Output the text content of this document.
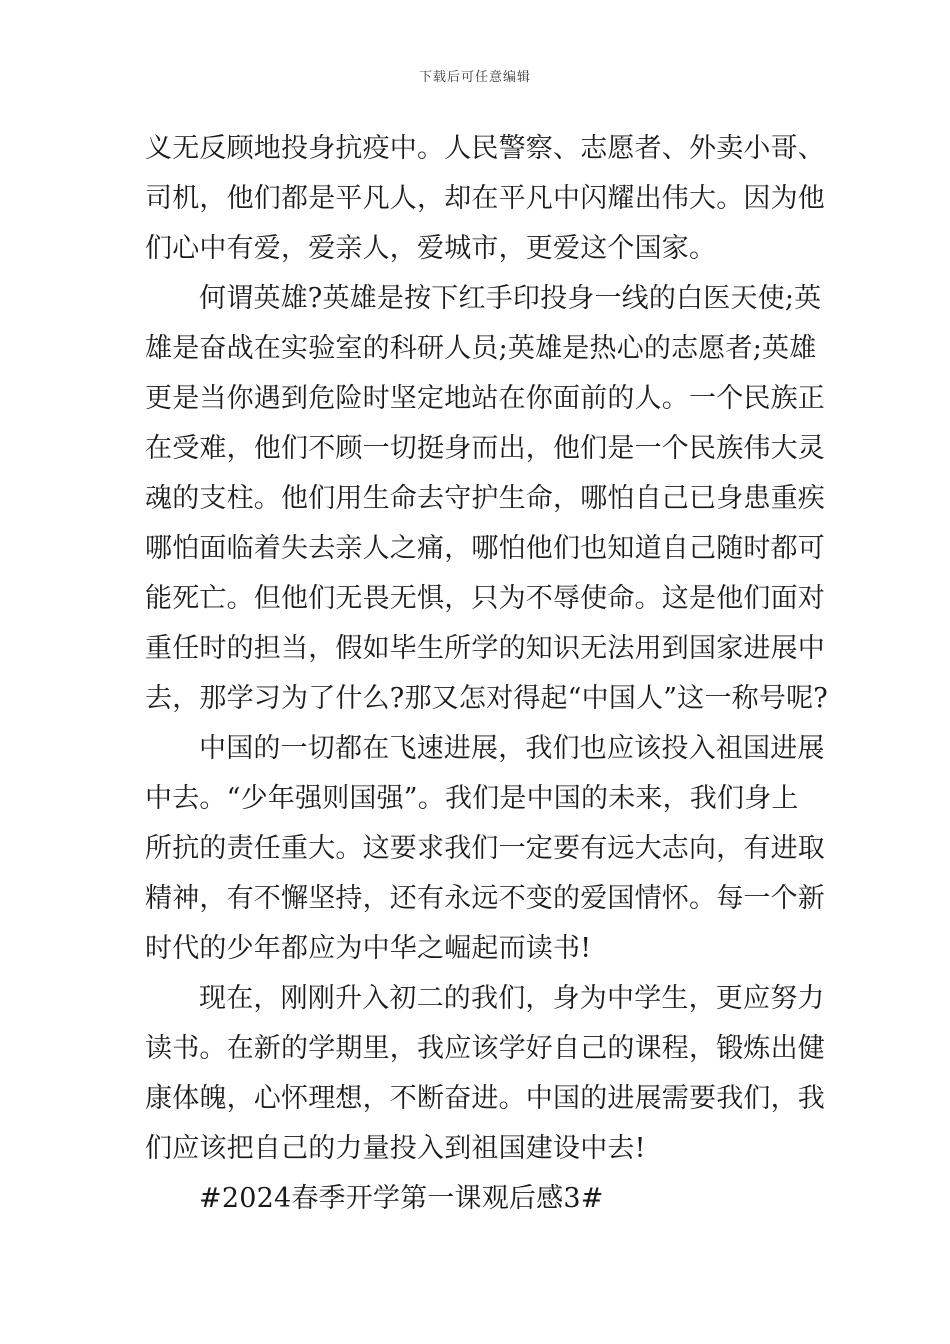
下载后可任意编辑
义无反顾地投身抗疫中。人民警察、志愿者、外卖小哥、
司机，他们都是平凡人，却在平凡中闪耀出伟大。因为他
们心中有爱，爱亲人，爱城市，更爱这个国家。
何谓英雄?英雄是按下红手印投身一线的白医天使;英
雄是奋战在实验室的科研人员;英雄是热心的志愿者;英雄
更是当你遇到危险时坚定地站在你面前的人。一个民族正
在受难，他们不顾一切挺身而出，他们是一个民族伟大灵
魂的支柱。他们用生命去守护生命，哪怕自己已身患重疾
哪怕面临着失去亲人之痛，哪怕他们也知道自己随时都可
能死亡。但他们无畏无惧，只为不辱使命。这是他们面对
重任时的担当，假如毕生所学的知识无法用到国家进展中
去，那学习为了什么?那又怎对得起“中国人”这一称号呢?
中国的一切都在飞速进展，我们也应该投入祖国进展
中去。“少年强则国强”。我们是中国的未来，我们身上
所抗的责任重大。这要求我们一定要有远大志向，有进取
精神，有不懈坚持，还有永远不变的爱国情怀。每一个新
时代的少年都应为中华之崛起而读书!
现在，刚刚升入初二的我们，身为中学生，更应努力
读书。在新的学期里，我应该学好自己的课程，锻炼出健
康体魄，心怀理想，不断奋进。中国的进展需要我们，我
们应该把自己的力量投入到祖国建设中去!
#2024春季开学第一课观后感3#
